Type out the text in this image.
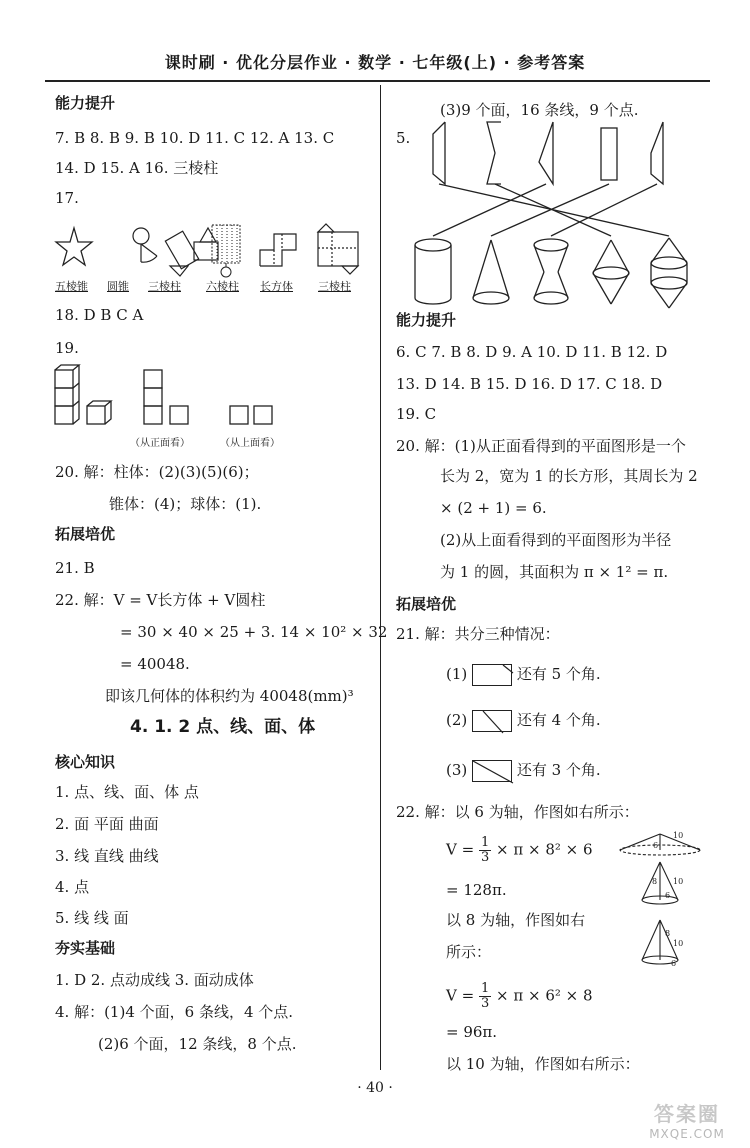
课时刷 · 优化分层作业 · 数学 · 七年级(上) · 参考答案
能力提升
7. B 8. B 9. B 10. D 11. C 12. A 13. C
14. D 15. A 16. 三棱柱
17.
五棱锥 圆锥 三棱柱 六棱柱 长方体 三棱柱
18. D B C A
19.
（从正面看）	（从上面看）
20. 解：柱体：(2)(3)(5)(6)；
锥体：(4)；球体：(1).
拓展培优
21. B
22. 解：V = V长方体 + V圆柱
= 30 × 40 × 25 + 3. 14 × 10² × 32
= 40048.
即该几何体的体积约为 40048(mm)³
4. 1. 2 点、线、面、体
核心知识
1. 点、线、面、体 点
2. 面 平面 曲面
3. 线 直线 曲线
4. 点
5. 线 线 面
夯实基础
1. D 2. 点动成线 3. 面动成体
4. 解：(1)4 个面，6 条线，4 个点.
(2)6 个面，12 条线，8 个点.
(3)9 个面，16 条线，9 个点.
5.
能力提升
6. C 7. B 8. D 9. A 10. D 11. B 12. D
13. D 14. B 15. D 16. D 17. C 18. D
19. C
20. 解：(1)从正面看得到的平面图形是一个
长为 2，宽为 1 的长方形，其周长为 2
× (2 + 1) = 6.
(2)从上面看得到的平面图形为半径
为 1 的圆，其面积为 π × 1² = π.
拓展培优
21. 解：共分三种情况：
(1)	还有 5 个角.
(2)	还有 4 个角.
(3)	还有 3 个角.
22. 解：以 6 为轴，作图如右所示：
$V = \frac{1}{3} \times \pi \times 8^2 \times 6$
= 128π.
以 8 为轴，作图如右
所示：
$V = \frac{1}{3} \times \pi \times 6^2 \times 8$
= 96π.
以 10 为轴，作图如右所示：
10
6
8 10
6
8
10
6
· 40 ·
答案圈
MXQE.COM
